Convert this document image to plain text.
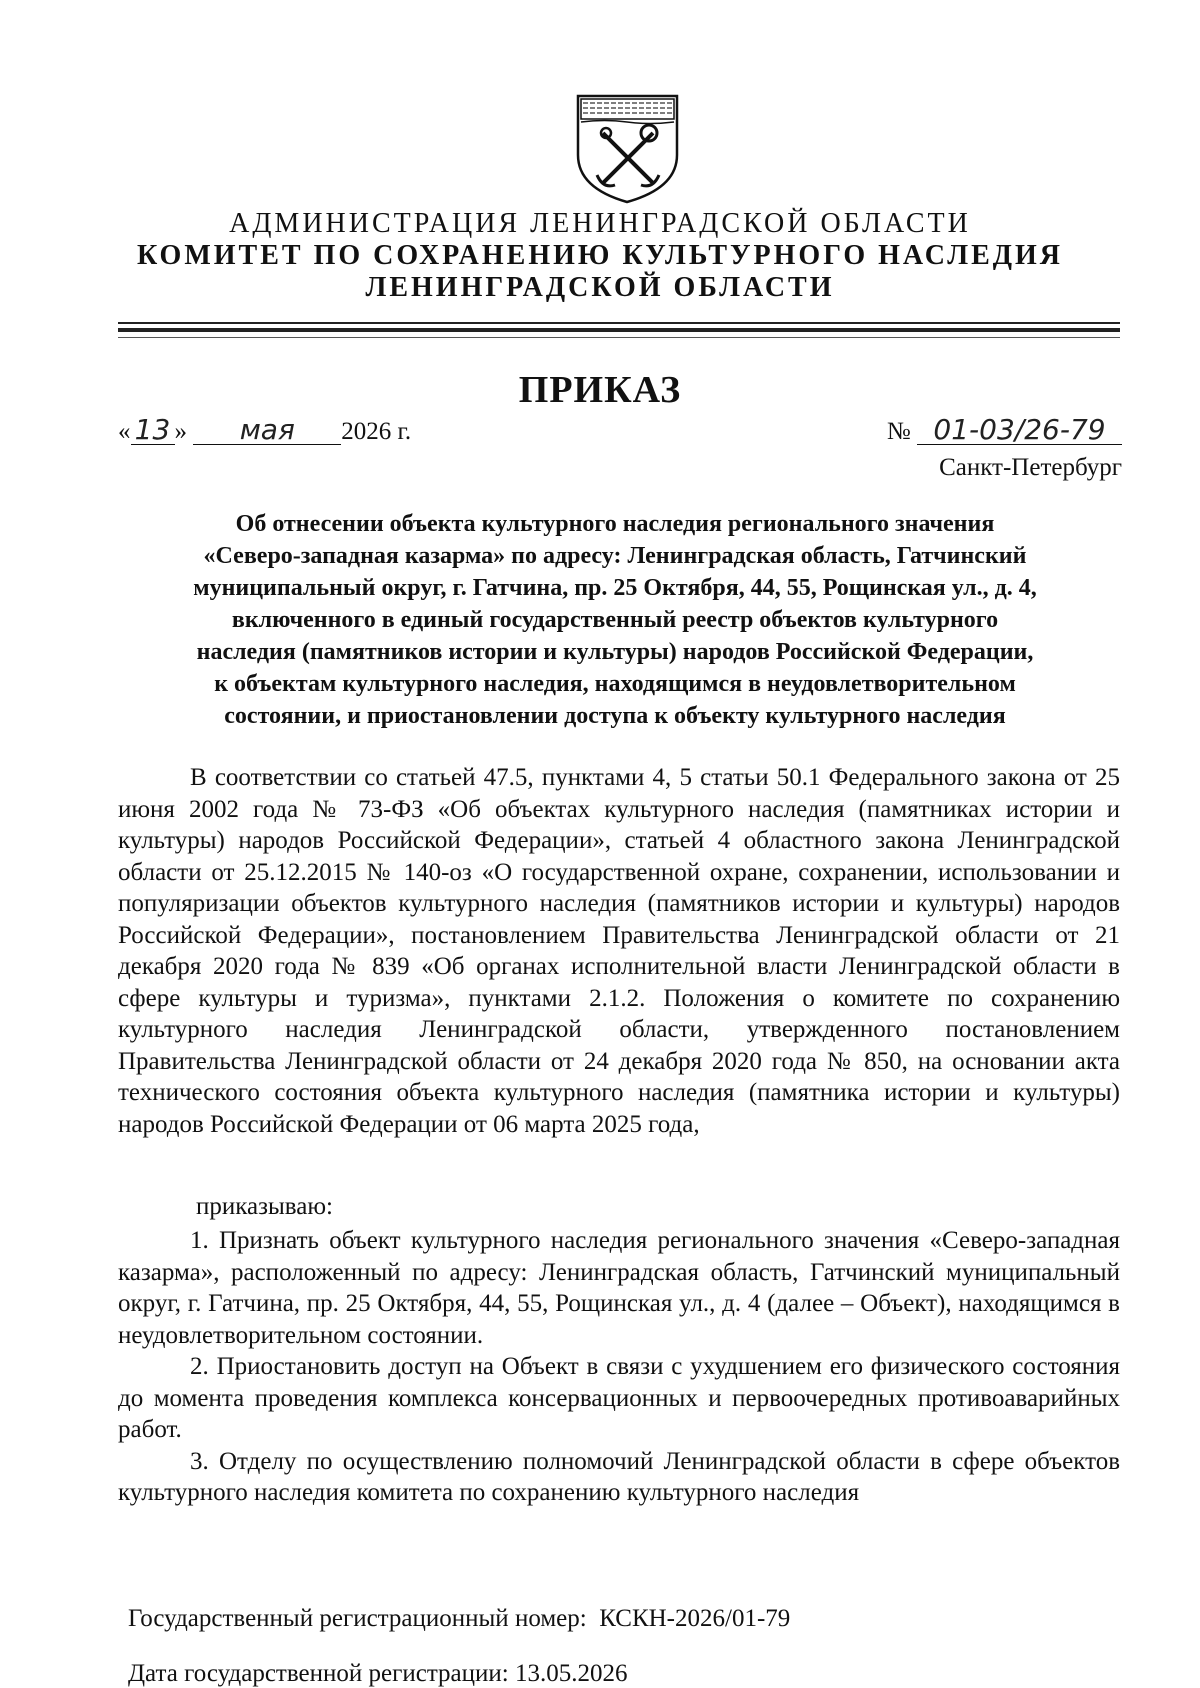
АДМИНИСТРАЦИЯ ЛЕНИНГРАДСКОЙ ОБЛАСТИ
КОМИТЕТ ПО СОХРАНЕНИЮ КУЛЬТУРНОГО НАСЛЕДИЯ
ЛЕНИНГРАДСКОЙ ОБЛАСТИ
ПРИКАЗ
« 13 » мая 2026 г.	№ 01-03/26-79
Санкт-Петербург
Об отнесении объекта культурного наследия регионального значения
«Северо-западная казарма» по адресу: Ленинградская область, Гатчинский
муниципальный округ, г. Гатчина, пр. 25 Октября, 44, 55, Рощинская ул., д. 4,
включенного в единый государственный реестр объектов культурного
наследия (памятников истории и культуры) народов Российской Федерации,
к объектам культурного наследия, находящимся в неудовлетворительном
состоянии, и приостановлении доступа к объекту культурного наследия

В соответствии со статьей 47.5, пунктами 4, 5 статьи 50.1 Федерального закона от 25 июня 2002 года № 73-ФЗ «Об объектах культурного наследия (памятниках истории и культуры) народов Российской Федерации», статьей 4 областного закона Ленинградской области от 25.12.2015 № 140-оз «О государственной охране, сохранении, использовании и популяризации объектов культурного наследия (памятников истории и культуры) народов Российской Федерации», постановлением Правительства Ленинградской области от 21 декабря 2020 года № 839 «Об органах исполнительной власти Ленинградской области в сфере культуры и туризма», пунктами 2.1.2. Положения о комитете по сохранению культурного наследия Ленинградской области, утвержденного постановлением Правительства Ленинградской области от 24 декабря 2020 года № 850, на основании акта технического состояния объекта культурного наследия (памятника истории и культуры) народов Российской Федерации от 06 марта 2025 года,

приказываю:

1. Признать объект культурного наследия регионального значения «Северо-западная казарма», расположенный по адресу: Ленинградская область, Гатчинский муниципальный округ, г. Гатчина, пр. 25 Октября, 44, 55, Рощинская ул., д. 4 (далее – Объект), находящимся в неудовлетворительном состоянии.

2. Приостановить доступ на Объект в связи с ухудшением его физического состояния до момента проведения комплекса консервационных и первоочередных противоаварийных работ.

3. Отделу по осуществлению полномочий Ленинградской области в сфере объектов культурного наследия комитета по сохранению культурного наследия

Государственный регистрационный номер: КСКН-2026/01-79
Дата государственной регистрации: 13.05.2026
